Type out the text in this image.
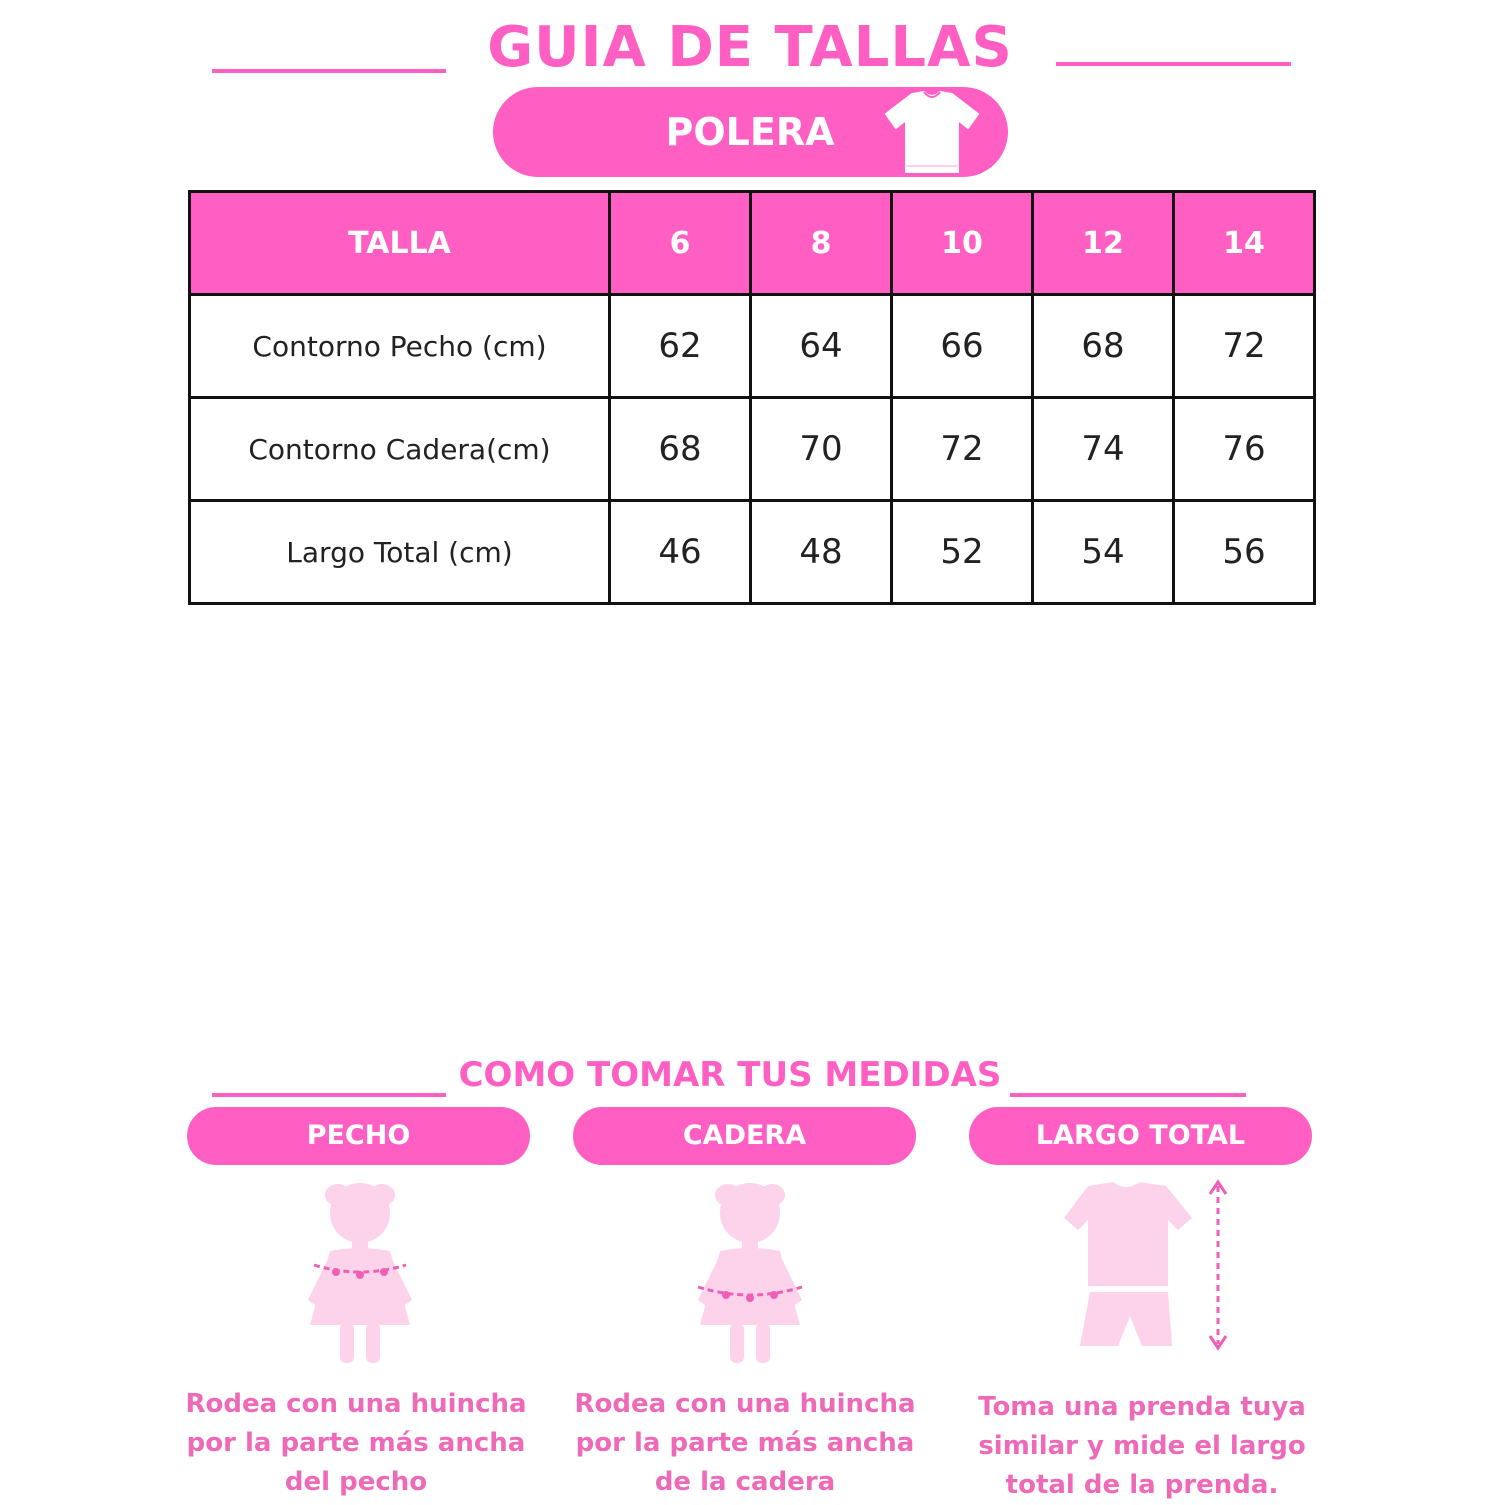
GUIA DE TALLAS
POLERA
TALLA	6	8	10	12	14
Contorno Pecho (cm)	62	64	66	68	72
Contorno Cadera(cm)	68	70	72	74	76
Largo Total (cm)	46	48	52	54	56
COMO TOMAR TUS MEDIDAS
PECHO	CADERA	LARGO TOTAL
Rodea con una huincha
por la parte más ancha
del pecho
Rodea con una huincha
por la parte más ancha
de la cadera
Toma una prenda tuya
similar y mide el largo
total de la prenda.
